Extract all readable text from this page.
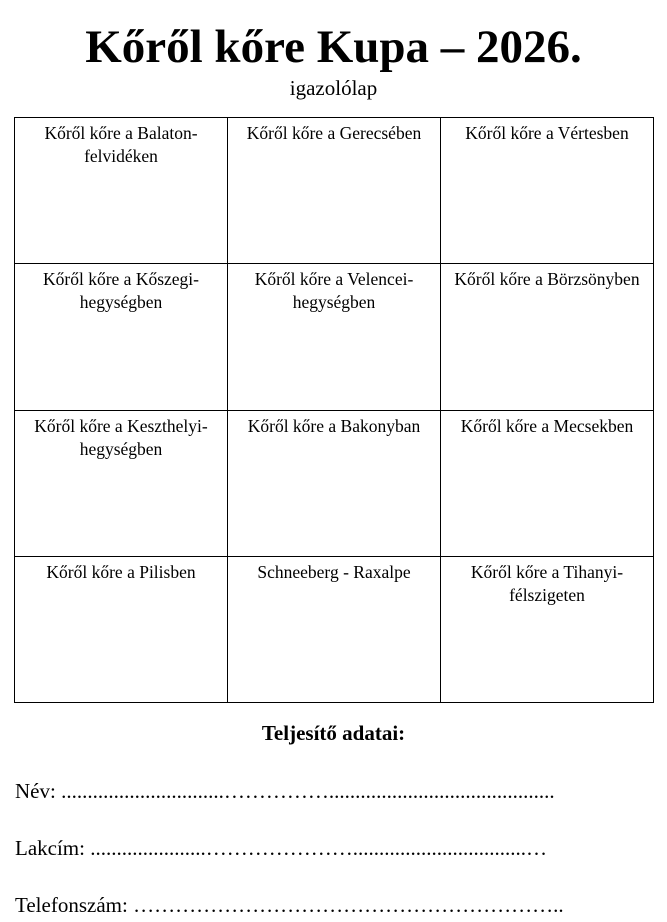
Kőről kőre Kupa – 2026.
igazolólap
Kőről kőre a Balaton-felvidéken	Kőről kőre a Gerecsében	Kőről kőre a Vértesben

Kőről kőre a Kőszegi-hegységben	Kőről kőre a Velencei-hegységben	Kőről kőre a Börzsönyben

Kőről kőre a Keszthelyi-hegységben	Kőről kőre a Bakonyban	Kőről kőre a Mecsekben

Kőről kőre a Pilisben	Schneeberg - Raxalpe	Kőről kőre a Tihanyi-félszigeten
Teljesítő adatai:
Név: ...............................……………...........................................
Lakcím: ......................………………….................................…
Telefonszám: ……………………………………………………..
